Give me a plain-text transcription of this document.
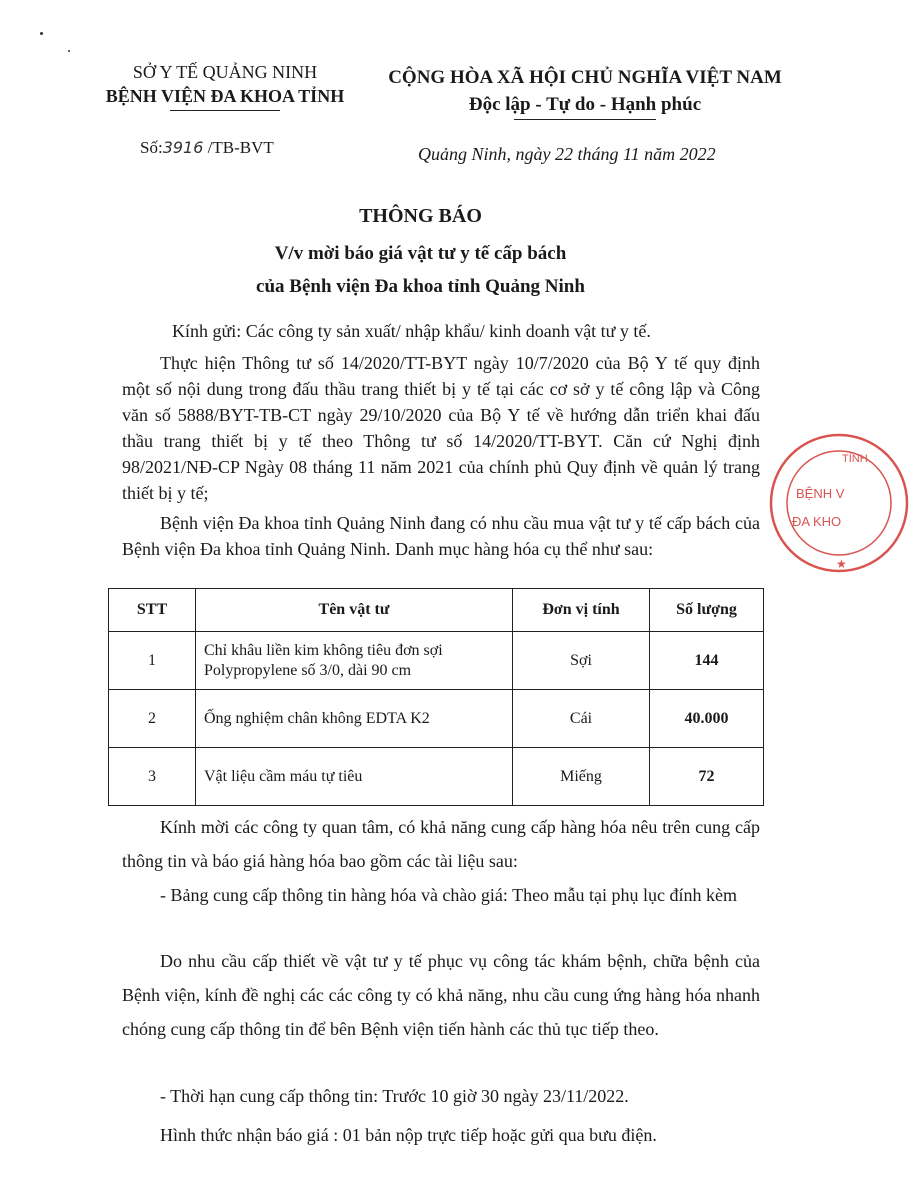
SỞ Y TẾ QUẢNG NINH
BỆNH VIỆN ĐA KHOA TỈNH
CỘNG HÒA XÃ HỘI CHỦ NGHĨA VIỆT NAM
Độc lập - Tự do - Hạnh phúc
Số:3916 /TB-BVT	Quảng Ninh, ngày 22 tháng 11 năm 2022
THÔNG BÁO
V/v mời báo giá vật tư y tế cấp bách
của Bệnh viện Đa khoa tỉnh Quảng Ninh

Kính gửi: Các công ty sản xuất/ nhập khẩu/ kinh doanh vật tư y tế.

Thực hiện Thông tư số 14/2020/TT-BYT ngày 10/7/2020 của Bộ Y tế quy định một số nội dung trong đấu thầu trang thiết bị y tế tại các cơ sở y tế công lập và Công văn số 5888/BYT-TB-CT ngày 29/10/2020 của Bộ Y tế về hướng dẫn triển khai đấu thầu trang thiết bị y tế theo Thông tư số 14/2020/TT-BYT. Căn cứ Nghị định 98/2021/NĐ-CP Ngày 08 tháng 11 năm 2021 của chính phủ Quy định về quản lý trang thiết bị y tế;

Bệnh viện Đa khoa tỉnh Quảng Ninh đang có nhu cầu mua vật tư y tế cấp bách của Bệnh viện Đa khoa tỉnh Quảng Ninh. Danh mục hàng hóa cụ thể như sau:

STT	Tên vật tư	Đơn vị tính	Số lượng
1	Chỉ khâu liền kim không tiêu đơn sợi Polypropylene số 3/0, dài 90 cm	Sợi	144
2	Ống nghiệm chân không EDTA K2	Cái	40.000
3	Vật liệu cầm máu tự tiêu	Miếng	72

Kính mời các công ty quan tâm, có khả năng cung cấp hàng hóa nêu trên cung cấp thông tin và báo giá hàng hóa bao gồm các tài liệu sau:

- Bảng cung cấp thông tin hàng hóa và chào giá: Theo mẫu tại phụ lục đính kèm

Do nhu cầu cấp thiết về vật tư y tế phục vụ công tác khám bệnh, chữa bệnh của Bệnh viện, kính đề nghị các các công ty có khả năng, nhu cầu cung ứng hàng hóa nhanh chóng cung cấp thông tin để bên Bệnh viện tiến hành các thủ tục tiếp theo.

- Thời hạn cung cấp thông tin: Trước 10 giờ 30 ngày 23/11/2022.

Hình thức nhận báo giá : 01 bản nộp trực tiếp hoặc gửi qua bưu điện.

TỈNH
BỆNH V
ĐA KHO
★
